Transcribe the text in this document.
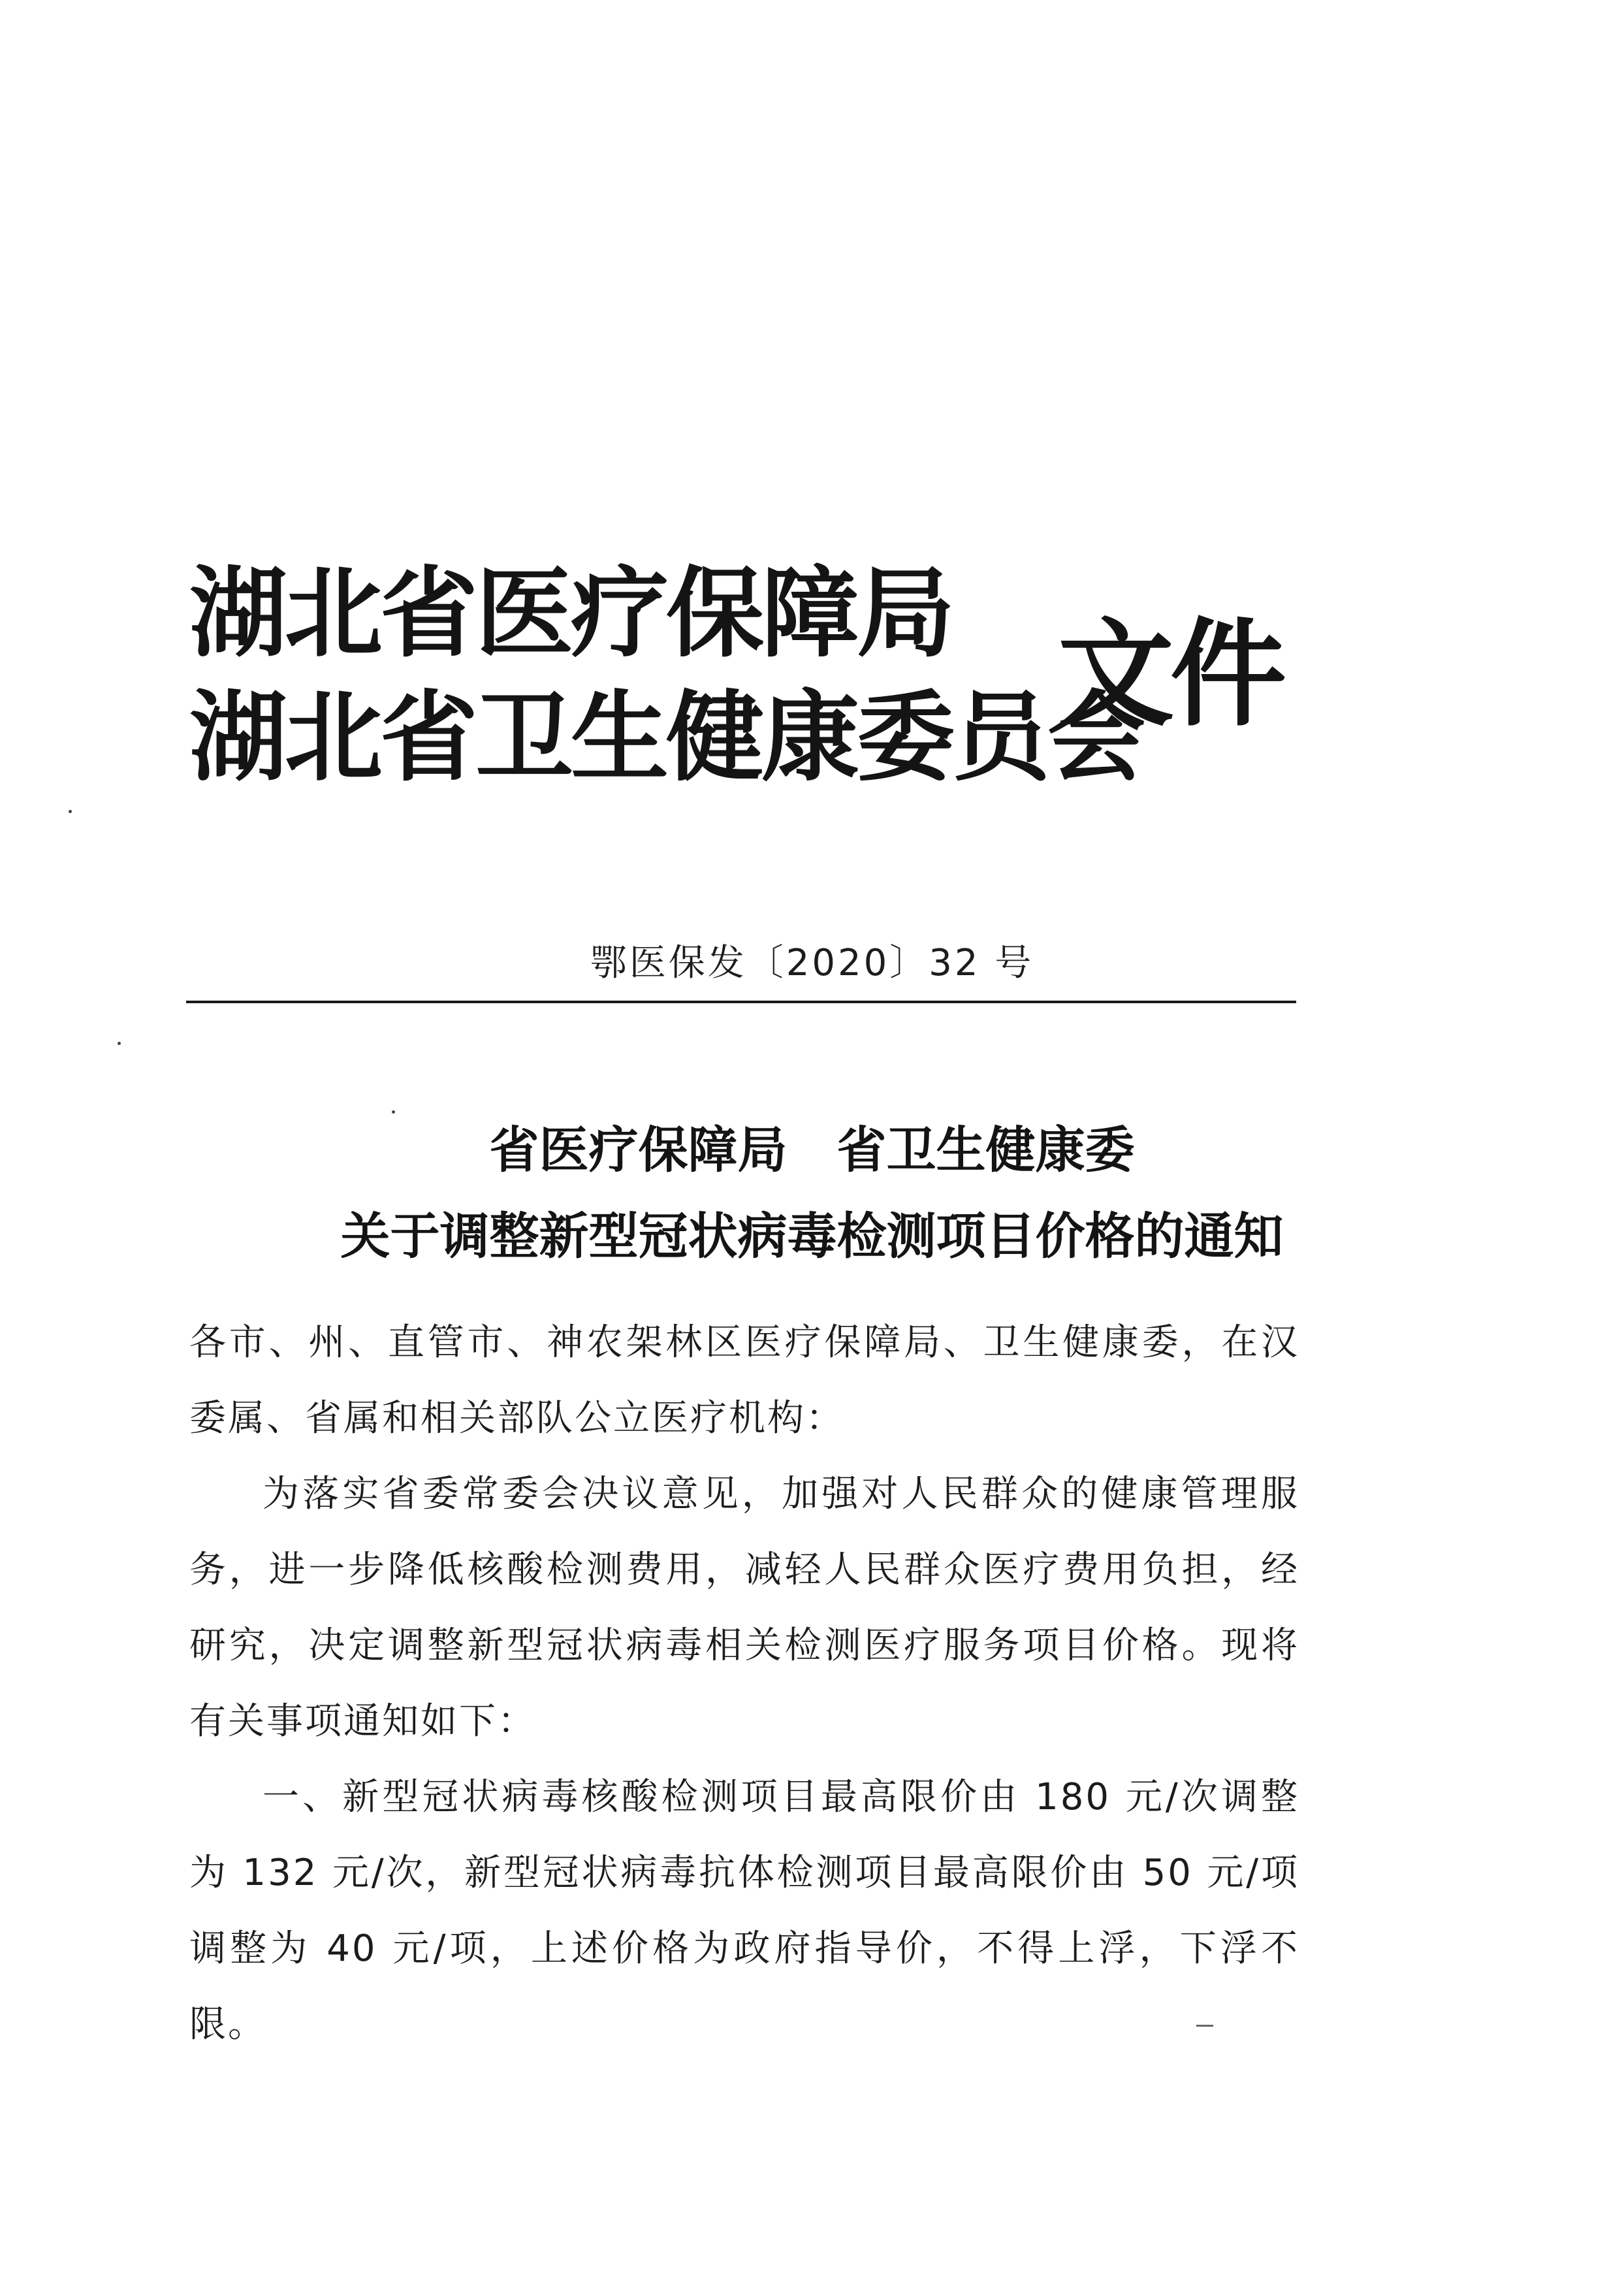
湖北省医疗保障局
湖北省卫生健康委员会
文件
鄂医保发〔2020〕32 号
省医疗保障局　省卫生健康委
关于调整新型冠状病毒检测项目价格的通知

各市、州、直管市、神农架林区医疗保障局、卫生健康委，在汉委属、省属和相关部队公立医疗机构：

为落实省委常委会决议意见，加强对人民群众的健康管理服务，进一步降低核酸检测费用，减轻人民群众医疗费用负担，经研究，决定调整新型冠状病毒相关检测医疗服务项目价格。现将有关事项通知如下：

一、新型冠状病毒核酸检测项目最高限价由 180 元/次调整为 132 元/次，新型冠状病毒抗体检测项目最高限价由 50 元/项调整为 40 元/项，上述价格为政府指导价，不得上浮，下浮不限。
